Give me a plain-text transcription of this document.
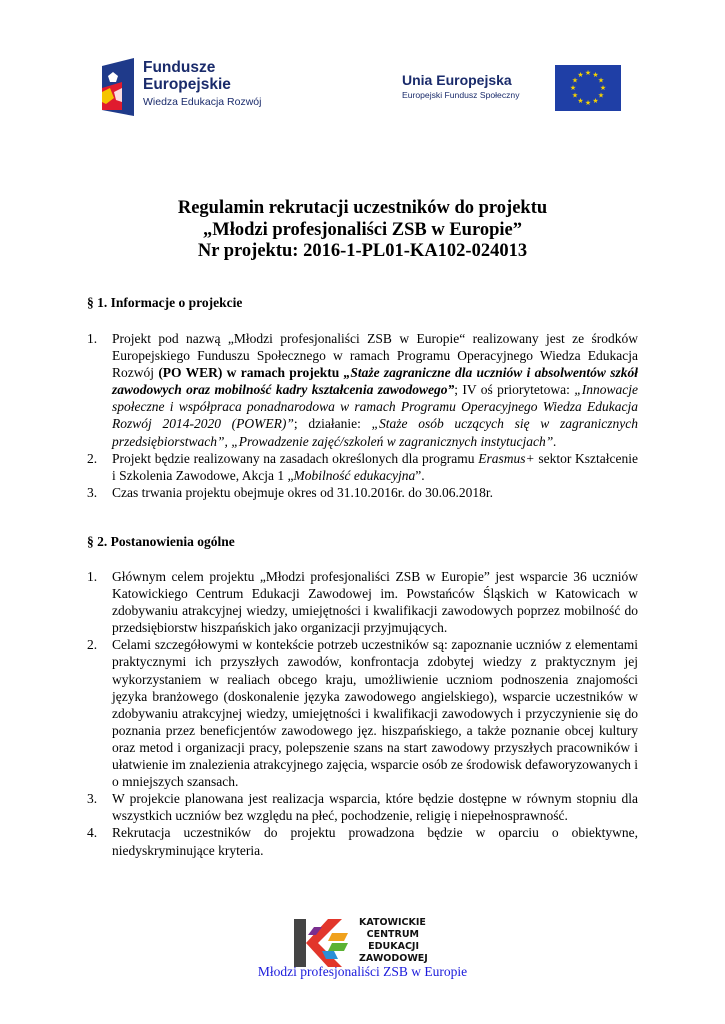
Fundusze
Europejskie
Wiedza Edukacja Rozwój
Unia Europejska
Europejski Fundusz Społeczny
★ ★
★
★
★
★
★
★
★
★
★
★
Regulamin rekrutacji uczestników do projektu
„Młodzi profesjonaliści ZSB w Europie”
Nr projektu: 2016-1-PL01-KA102-024013
§ 1. Informacje o projekcie
1. Projekt pod nazwą „Młodzi profesjonaliści ZSB w Europie“ realizowany jest ze środków Europejskiego Funduszu Społecznego w ramach Programu Operacyjnego Wiedza Edukacja Rozwój (PO WER) w ramach projektu „Staże zagraniczne dla uczniów i absolwentów szkół zawodowych oraz mobilność kadry kształcenia zawodowego”; IV oś priorytetowa: „Innowacje społeczne i współpraca ponadnarodowa w ramach Programu Operacyjnego Wiedza Edukacja Rozwój 2014-2020 (POWER)”; działanie: „Staże osób uczących się w zagranicznych przedsiębiorstwach”, „Prowadzenie zajęć/szkoleń w zagranicznych instytucjach”.
2. Projekt będzie realizowany na zasadach określonych dla programu Erasmus+ sektor Kształcenie i Szkolenia Zawodowe, Akcja 1 „Mobilność edukacyjna”.
3. Czas trwania projektu obejmuje okres od 31.10.2016r. do 30.06.2018r.
§ 2. Postanowienia ogólne
1. Głównym celem projektu „Młodzi profesjonaliści ZSB w Europie” jest wsparcie 36 uczniów Katowickiego Centrum Edukacji Zawodowej im. Powstańców Śląskich w Katowicach w zdobywaniu atrakcyjnej wiedzy, umiejętności i kwalifikacji zawodowych poprzez mobilność do przedsiębiorstw hiszpańskich jako organizacji przyjmujących.
2. Celami szczegółowymi w kontekście potrzeb uczestników są: zapoznanie uczniów z elementami praktycznymi ich przyszłych zawodów, konfrontacja zdobytej wiedzy z praktycznym jej wykorzystaniem w realiach obcego kraju, umożliwienie uczniom podnoszenia znajomości języka branżowego (doskonalenie języka zawodowego angielskiego), wsparcie uczestników w zdobywaniu atrakcyjnej wiedzy, umiejętności i kwalifikacji zawodowych i przyczynienie się do poznania przez beneficjentów zawodowego jęz. hiszpańskiego, a także poznanie obcej kultury oraz metod i organizacji pracy, polepszenie szans na start zawodowy przyszłych pracowników i ułatwienie im znalezienia atrakcyjnego zajęcia, wsparcie osób ze środowisk defaworyzowanych i o mniejszych szansach.
3. W projekcie planowana jest realizacja wsparcia, które będzie dostępne w równym stopniu dla wszystkich uczniów bez względu na płeć, pochodzenie, religię i niepełnosprawność.
4. Rekrutacja uczestników do projektu prowadzona będzie w oparciu o obiektywne, niedyskryminujące kryteria.
KATOWICKIE
CENTRUM
EDUKACJI
ZAWODOWEJ
Młodzi profesjonaliści ZSB w Europie
